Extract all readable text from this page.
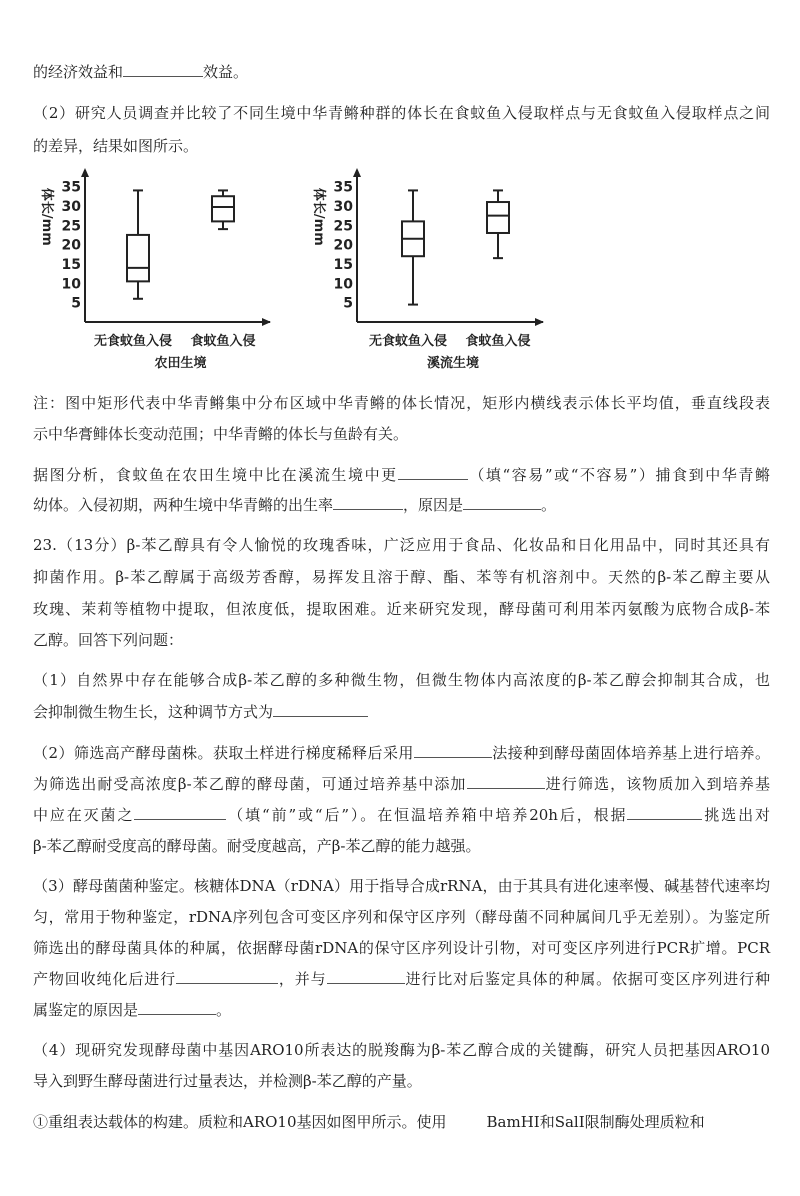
的经济效益和	效益。
（2）研究人员调查并比较了不同生境中华青鳉种群的体长在食蚊鱼入侵取样点与无食蚊鱼入侵取样点之间
的差异，结果如图所示。
5
10
15
20
25
30
35
体长/mm
无食蚊鱼入侵 食蚊鱼入侵
农田生境
5
10
15
20
25
30
35
体长/mm
无食蚊鱼入侵 食蚊鱼入侵
溪流生境
注：图中矩形代表中华青鳉集中分布区域中华青鳉的体长情况，矩形内横线表示体长平均值，垂直线段表
示中华膏鲱体长变动范围；中华青鳉的体长与鱼龄有关。
据图分析，食蚊鱼在农田生境中比在溪流生境中更	（填“容易”或“不容易”）捕食到中华青鳉
幼体。入侵初期，两种生境中华青鳉的出生率	，原因是	。
23.（13分）β-苯乙醇具有令人愉悦的玫瑰香味，广泛应用于食品、化妆品和日化用品中，同时其还具有
抑菌作用。β-苯乙醇属于高级芳香醇，易挥发且溶于醇、酯、苯等有机溶剂中。天然的β-苯乙醇主要从
玫瑰、茉莉等植物中提取，但浓度低，提取困难。近来研究发现，酵母菌可利用苯丙氨酸为底物合成β-苯
乙醇。回答下列问题：
（1）自然界中存在能够合成β-苯乙醇的多种微生物，但微生物体内高浓度的β-苯乙醇会抑制其合成，也
会抑制微生物生长，这种调节方式为
（2）筛选高产酵母菌株。获取土样进行梯度稀释后采用	法接种到酵母菌固体培养基上进行培养。
为筛选出耐受高浓度β-苯乙醇的酵母菌，可通过培养基中添加	进行筛选，该物质加入到培养基
中应在灭菌之	（填“前”或“后”）。在恒温培养箱中培养20h后，根据	挑选出对
β-苯乙醇耐受度高的酵母菌。耐受度越高，产β-苯乙醇的能力越强。
（3）酵母菌菌种鉴定。核糖体DNA（rDNA）用于指导合成rRNA，由于其具有进化速率慢、碱基替代速率均
匀，常用于物种鉴定，rDNA序列包含可变区序列和保守区序列（酵母菌不同种属间几乎无差别）。为鉴定所
筛选出的酵母菌具体的种属，依据酵母菌rDNA的保守区序列设计引物，对可变区序列进行PCR扩增。PCR
产物回收纯化后进行	，并与	进行比对后鉴定具体的种属。依据可变区序列进行种
属鉴定的原因是	。
（4）现研究发现酵母菌中基因ARO10所表达的脱羧酶为β-苯乙醇合成的关键酶，研究人员把基因ARO10
导入到野生酵母菌进行过量表达，并检测β-苯乙醇的产量。
①重组表达载体的构建。质粒和ARO10基因如图甲所示。使用	BamHI和SalⅠ限制酶处理质粒和
